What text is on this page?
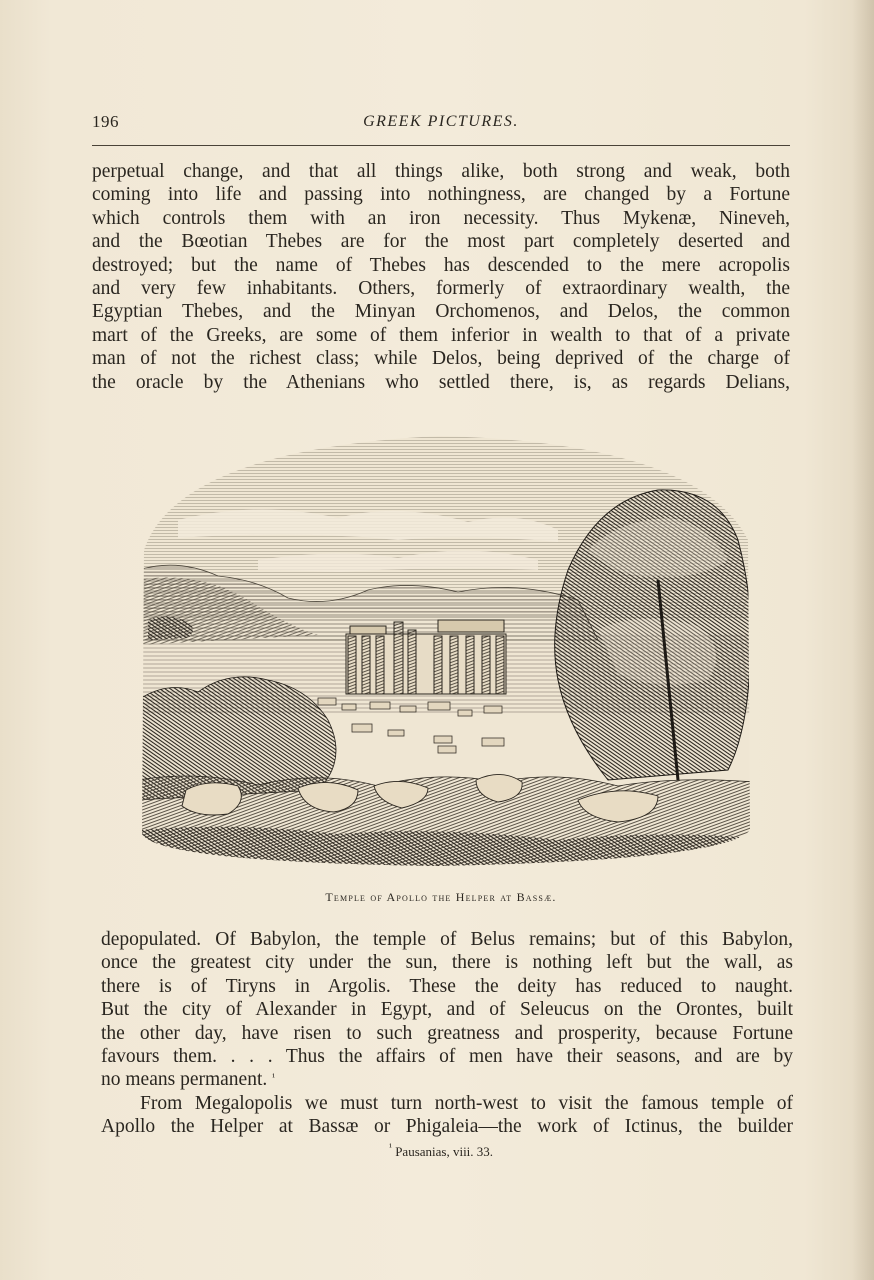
196	GREEK PICTURES.
perpetual change, and that all things alike, both strong and weak, both
coming into life and passing into nothingness, are changed by a Fortune
which controls them with an iron necessity. Thus Mykenæ, Nineveh,
and the Bœotian Thebes are for the most part completely deserted and
destroyed; but the name of Thebes has descended to the mere acropolis
and very few inhabitants. Others, formerly of extraordinary wealth, the
Egyptian Thebes, and the Minyan Orchomenos, and Delos, the common
mart of the Greeks, are some of them inferior in wealth to that of a private
man of not the richest class; while Delos, being deprived of the charge of
the oracle by the Athenians who settled there, is, as regards Delians,
Temple of Apollo the Helper at Bassæ.
depopulated. Of Babylon, the temple of Belus remains; but of this Babylon,
once the greatest city under the sun, there is nothing left but the wall, as
there is of Tiryns in Argolis. These the deity has reduced to naught.
But the city of Alexander in Egypt, and of Seleucus on the Orontes, built
the other day, have risen to such greatness and prosperity, because Fortune
favours them. . . . Thus the affairs of men have their seasons, and are by
no means permanent. $^{^1}$
From Megalopolis we must turn north-west to visit the famous temple of
Apollo the Helper at Bassæ or Phigaleia—the work of Ictinus, the builder
$^{^1}$ Pausanias, viii. 33.
